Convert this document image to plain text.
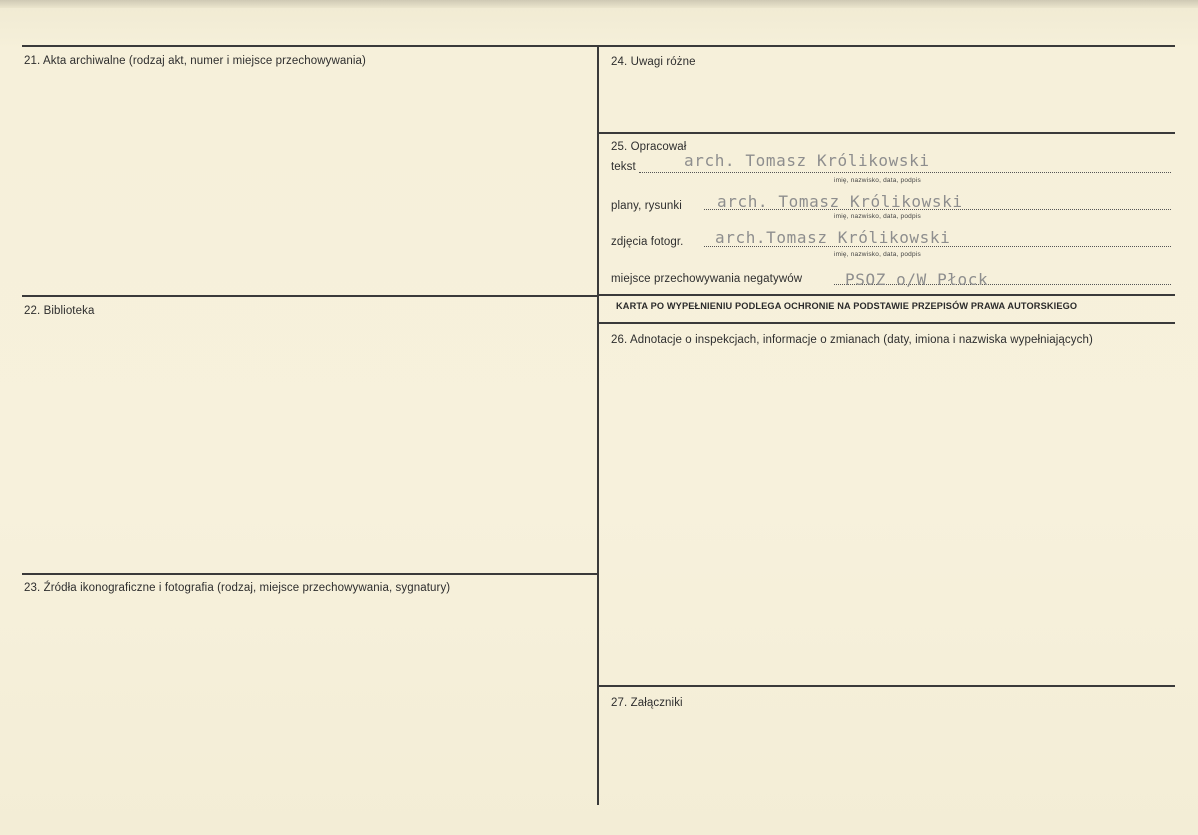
21. Akta archiwalne (rodzaj akt, numer i miejsce przechowywania)
22. Biblioteka
23. Źródła ikonograficzne i fotografia (rodzaj, miejsce przechowywania, sygnatury)
24. Uwagi różne
25. Opracował
tekst	arch. Tomasz Królikowski
imię, nazwisko, data, podpis
plany, rysunki arch. Tomasz Królikowski
imię, nazwisko, data, podpis
zdjęcia fotogr. arch.Tomasz Królikowski
imię, nazwisko, data, podpis
miejsce przechowywania negatywów	PSOZ o/W Płock
KARTA PO WYPEŁNIENIU PODLEGA OCHRONIE NA PODSTAWIE PRZEPISÓW PRAWA AUTORSKIEGO
26. Adnotacje o inspekcjach, informacje o zmianach (daty, imiona i nazwiska wypełniających)
27. Załączniki
